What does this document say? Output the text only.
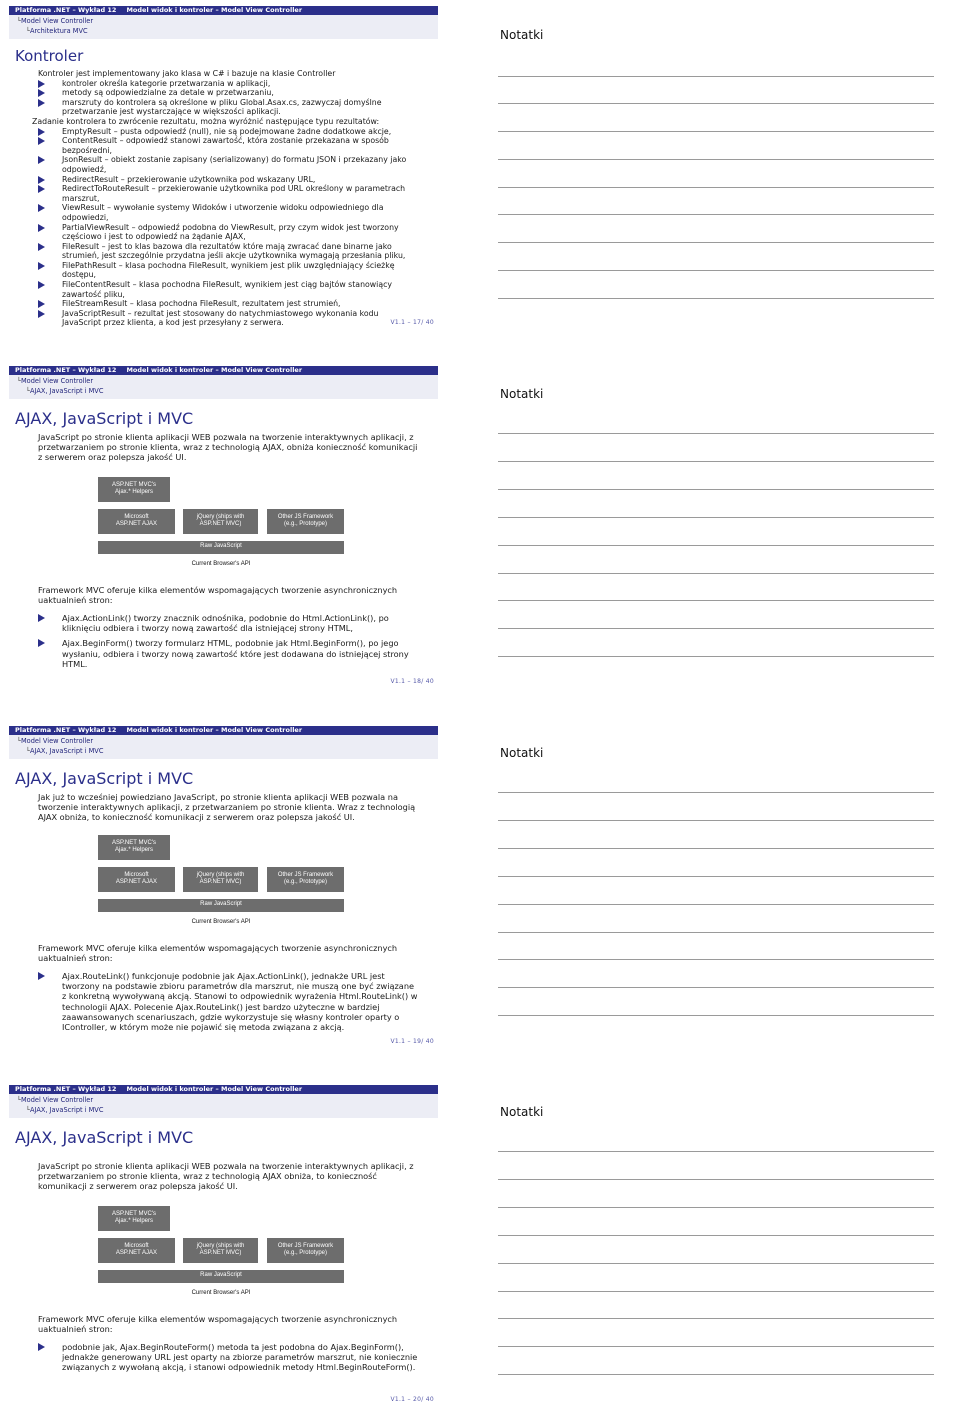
Platforma .NET – Wykład 12 Model widok i kontroler – Model View Controller
└Model View Controller
└Architektura MVC
Kontroler

Kontroler jest implementowany jako klasa w C# i bazuje na klasie Controller

kontroler określa kategorie przetwarzania w aplikacji,
metody są odpowiedzialne za detale w przetwarzaniu,
marszruty do kontrolera są określone w pliku Global.Asax.cs, zazwyczaj domyślne przetwarzanie jest wystarczające w większości aplikacji.

Zadanie kontrolera to zwrócenie rezultatu, można wyróżnić następujące typu rezultatów:

EmptyResult – pusta odpowiedź (null), nie są podejmowane żadne dodatkowe akcje,
ContentResult – odpowiedź stanowi zawartość, która zostanie przekazana w sposób bezpośredni,
JsonResult – obiekt zostanie zapisany (serializowany) do formatu JSON i przekazany jako odpowiedź,
RedirectResult – przekierowanie użytkownika pod wskazany URL,
RedirectToRouteResult – przekierowanie użytkownika pod URL określony w parametrach marszrut,
ViewResult – wywołanie systemy Widoków i utworzenie widoku odpowiedniego dla odpowiedzi,
PartialViewResult – odpowiedź podobna do ViewResult, przy czym widok jest tworzony częściowo i jest to odpowiedź na żądanie AJAX,
FileResult – jest to klas bazowa dla rezultatów które mają zwracać dane binarne jako strumień, jest szczególnie przydatna jeśli akcje użytkownika wymagają przesłania pliku,
FilePathResult – klasa pochodna FileResult, wynikiem jest plik uwzględniający ścieżkę dostępu,
FileContentResult – klasa pochodna FileResult, wynikiem jest ciąg bajtów stanowiący zawartość pliku,
FileStreamResult – klasa pochodna FileResult, rezultatem jest strumień,
JavaScriptResult – rezultat jest stosowany do natychmiastowego wykonania kodu JavaScript przez klienta, a kod jest przesyłany z serwera.	V1.1 – 17/ 40
Platforma .NET – Wykład 12 Model widok i kontroler – Model View Controller
└Model View Controller
└AJAX, JavaScript i MVC
AJAX, JavaScript i MVC

JavaScript po stronie klienta aplikacji WEB pozwala na tworzenie interaktywnych aplikacji, z przetwarzaniem po stronie klienta, wraz z technologią AJAX, obniża konieczność komunikacji z serwerem oraz polepsza jakość UI.

ASP.NET MVC's
Ajax.* Helpers
Microsoft
ASP.NET AJAX
jQuery (ships with
ASP.NET MVC)
Other JS Framework
(e.g., Prototype)
Raw JavaScript
Current Browser's API

Framework MVC oferuje kilka elementów wspomagających tworzenie asynchronicznych uaktualnień stron:

Ajax.ActionLink() tworzy znacznik odnośnika, podobnie do Html.ActionLink(), po kliknięciu odbiera i tworzy nową zawartość dla istniejącej strony HTML,
Ajax.BeginForm() tworzy formularz HTML, podobnie jak Html.BeginForm(), po jego wysłaniu, odbiera i tworzy nową zawartość które jest dodawana do istniejącej strony HTML.
V1.1 – 18/ 40
Platforma .NET – Wykład 12 Model widok i kontroler – Model View Controller
└Model View Controller
└AJAX, JavaScript i MVC
AJAX, JavaScript i MVC

Jak już to wcześniej powiedziano JavaScript, po stronie klienta aplikacji WEB pozwala na tworzenie interaktywnych aplikacji, z przetwarzaniem po stronie klienta. Wraz z technologią AJAX obniża, to konieczność komunikacji z serwerem oraz polepsza jakość UI.

ASP.NET MVC's
Ajax.* Helpers
Microsoft
ASP.NET AJAX
jQuery (ships with
ASP.NET MVC)
Other JS Framework
(e.g., Prototype)
Raw JavaScript
Current Browser's API

Framework MVC oferuje kilka elementów wspomagających tworzenie asynchronicznych uaktualnień stron:

Ajax.RouteLink() funkcjonuje podobnie jak Ajax.ActionLink(), jednakże URL jest tworzony na podstawie zbioru parametrów dla marszrut, nie muszą one być związane z konkretną wywoływaną akcją. Stanowi to odpowiednik wyrażenia Html.RouteLink() w technologii AJAX. Polecenie Ajax.RouteLink() jest bardzo użyteczne w bardziej zaawansowanych scenariuszach, gdzie wykorzystuje się własny kontroler oparty o IController, w którym może nie pojawić się metoda związana z akcją.
V1.1 – 19/ 40
Platforma .NET – Wykład 12 Model widok i kontroler – Model View Controller
└Model View Controller
└AJAX, JavaScript i MVC
AJAX, JavaScript i MVC

JavaScript po stronie klienta aplikacji WEB pozwala na tworzenie interaktywnych aplikacji, z przetwarzaniem po stronie klienta, wraz z technologią AJAX obniża, to konieczność komunikacji z serwerem oraz polepsza jakość UI.

ASP.NET MVC's
Ajax.* Helpers
Microsoft
ASP.NET AJAX
jQuery (ships with
ASP.NET MVC)
Other JS Framework
(e.g., Prototype)
Raw JavaScript
Current Browser's API

Framework MVC oferuje kilka elementów wspomagających tworzenie asynchronicznych uaktualnień stron:

podobnie jak, Ajax.BeginRouteForm() metoda ta jest podobna do Ajax.BeginForm(), jednakże generowany URL jest oparty na zbiorze parametrów marszrut, nie koniecznie związanych z wywołaną akcją, i stanowi odpowiednik metody Html.BeginRouteForm().
V1.1 – 20/ 40
Notatki
Notatki
Notatki
Notatki
